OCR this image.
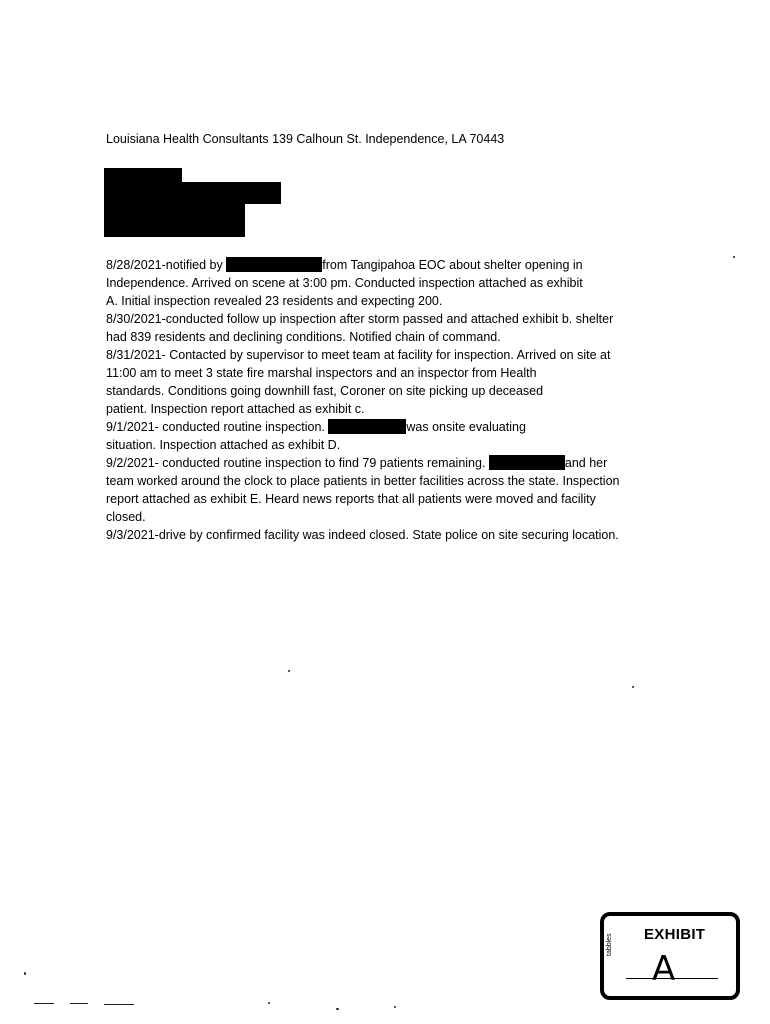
Louisiana Health Consultants 139 Calhoun St. Independence, LA 70443
8/28/2021-notified by	from Tangipahoa EOC about shelter opening in
Independence. Arrived on scene at 3:00 pm. Conducted inspection attached as exhibit
A. Initial inspection revealed 23 residents and expecting 200.
8/30/2021-conducted follow up inspection after storm passed and attached exhibit b. shelter
had 839 residents and declining conditions. Notified chain of command.
8/31/2021- Contacted by supervisor to meet team at facility for inspection. Arrived on site at
11:00 am to meet 3 state fire marshal inspectors and an inspector from Health
standards. Conditions going downhill fast, Coroner on site picking up deceased
patient. Inspection report attached as exhibit c.
9/1/2021- conducted routine inspection.	was onsite evaluating
situation. Inspection attached as exhibit D.
9/2/2021- conducted routine inspection to find 79 patients remaining.	and her
team worked around the clock to place patients in better facilities across the state. Inspection
report attached as exhibit E. Heard news reports that all patients were moved and facility
closed.
9/3/2021-drive by confirmed facility was indeed closed. State police on site securing location.
EXHIBIT
tabbles
A
